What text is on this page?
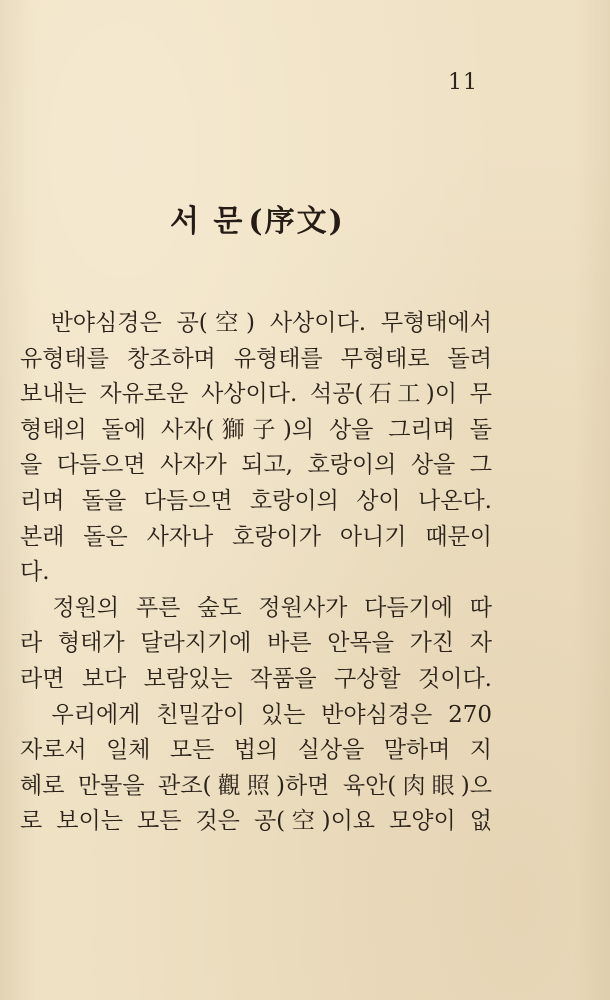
11
서 문 (序文)
　반야심경은 공(空) 사상이다. 무형태에서
유형태를 창조하며 유형태를 무형태로 돌려
보내는 자유로운 사상이다. 석공(石工)이 무
형태의 돌에 사자(獅子)의 상을 그리며 돌
을 다듬으면 사자가 되고, 호랑이의 상을 그
리며 돌을 다듬으면 호랑이의 상이 나온다.
본래 돌은 사자나 호랑이가 아니기 때문이
다.
　정원의 푸른 숲도 정원사가 다듬기에 따
라 형태가 달라지기에 바른 안목을 가진 자
라면 보다 보람있는 작품을 구상할 것이다.
　우리에게 친밀감이 있는 반야심경은 270
자로서 일체 모든 법의 실상을 말하며 지
혜로 만물을 관조(觀照)하면 육안(肉眼)으
로 보이는 모든 것은 공(空)이요 모양이 없
